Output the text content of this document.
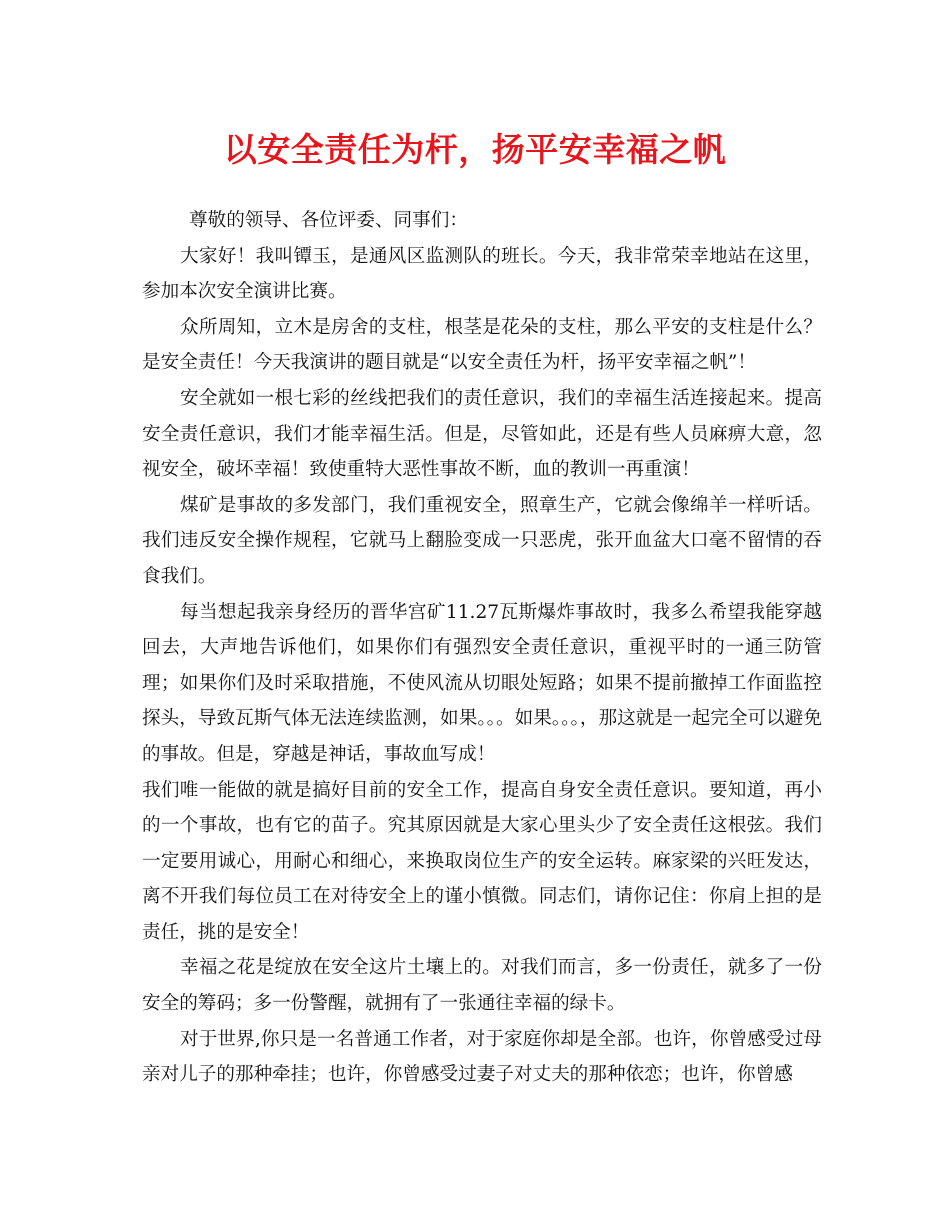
以安全责任为杆，扬平安幸福之帆

尊敬的领导、各位评委、同事们：

大家好！我叫镡玉，是通风区监测队的班长。今天，我非常荣幸地站在这里，参加本次安全演讲比赛。

众所周知，立木是房舍的支柱，根茎是花朵的支柱，那么平安的支柱是什么？是安全责任！今天我演讲的题目就是“以安全责任为杆，扬平安幸福之帆”！

安全就如一根七彩的丝线把我们的责任意识，我们的幸福生活连接起来。提高安全责任意识，我们才能幸福生活。但是，尽管如此，还是有些人员麻痹大意，忽视安全，破坏幸福！致使重特大恶性事故不断，血的教训一再重演！

煤矿是事故的多发部门，我们重视安全，照章生产，它就会像绵羊一样听话。我们违反安全操作规程，它就马上翻脸变成一只恶虎，张开血盆大口毫不留情的吞食我们。

每当想起我亲身经历的晋华宫矿11.27瓦斯爆炸事故时，我多么希望我能穿越回去，大声地告诉他们，如果你们有强烈安全责任意识，重视平时的一通三防管理；如果你们及时采取措施，不使风流从切眼处短路；如果不提前撤掉工作面监控探头，导致瓦斯气体无法连续监测，如果。。。如果。。。，那这就是一起完全可以避免的事故。但是，穿越是神话，事故血写成！

我们唯一能做的就是搞好目前的安全工作，提高自身安全责任意识。要知道，再小的一个事故，也有它的苗子。究其原因就是大家心里头少了安全责任这根弦。我们一定要用诚心，用耐心和细心，来换取岗位生产的安全运转。麻家梁的兴旺发达，离不开我们每位员工在对待安全上的谨小慎微。同志们，请你记住：你肩上担的是责任，挑的是安全！

幸福之花是绽放在安全这片土壤上的。对我们而言，多一份责任，就多了一份安全的筹码；多一份警醒，就拥有了一张通往幸福的绿卡。

对于世界,你只是一名普通工作者，对于家庭你却是全部。也许，你曾感受过母亲对儿子的那种牵挂；也许，你曾感受过妻子对丈夫的那种依恋；也许，你曾感
